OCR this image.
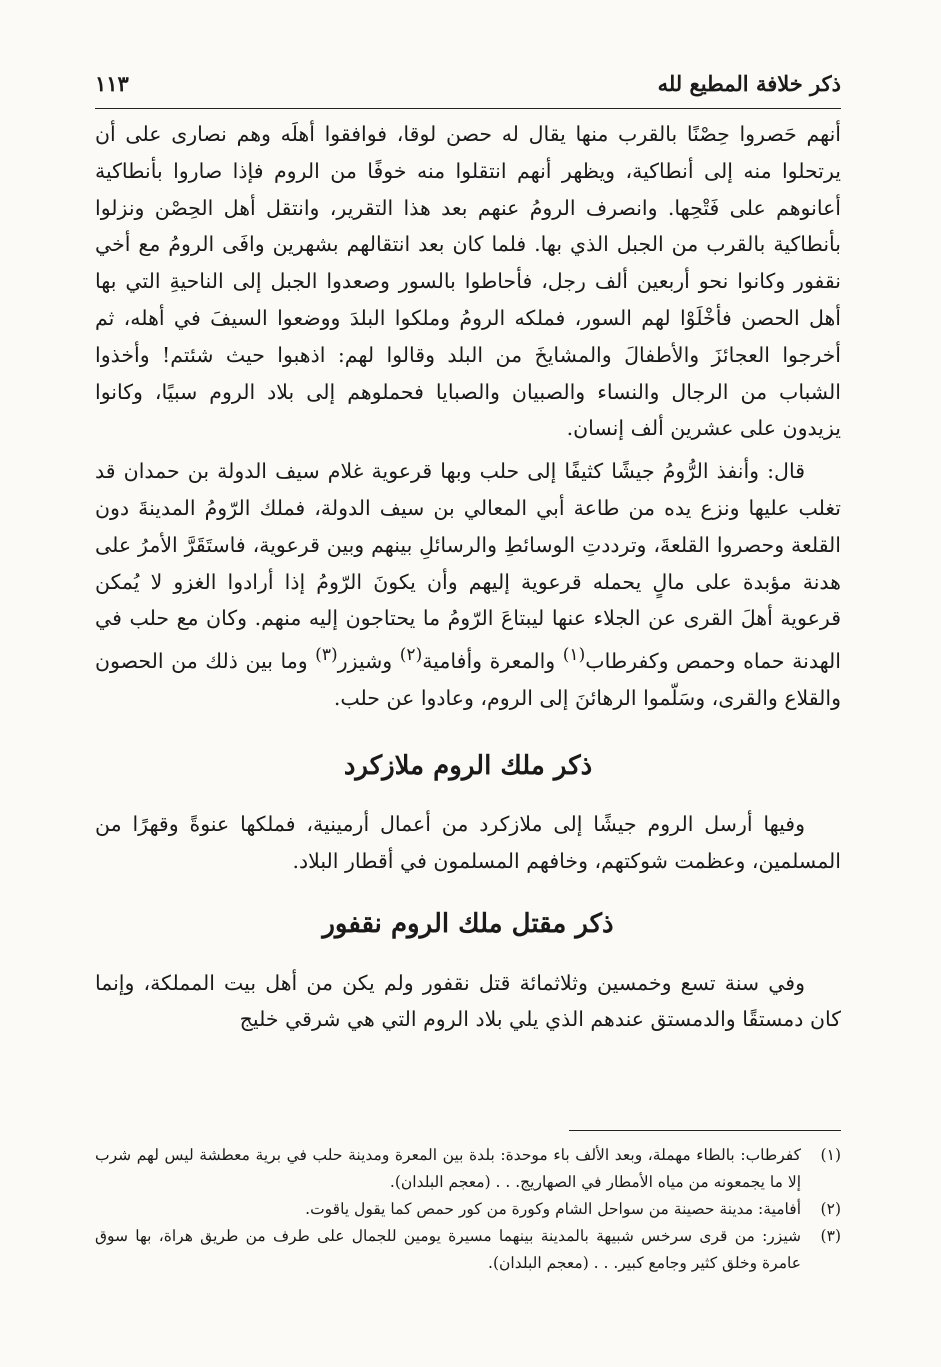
ذكر خلافة المطيع لله
١١٣

أنهم حَصروا حِصْنًا بالقرب منها يقال له حصن لوقا، فوافقوا أهلَه وهم نصارى على أن يرتحلوا منه إلى أنطاكية، ويظهر أنهم انتقلوا منه خوفًا من الروم فإذا صاروا بأنطاكية أعانوهم على فَتْحِها. وانصرف الرومُ عنهم بعد هذا التقرير، وانتقل أهل الحِصْن ونزلوا بأنطاكية بالقرب من الجبل الذي بها. فلما كان بعد انتقالهم بشهرين وافَى الرومُ مع أخي نقفور وكانوا نحو أربعين ألف رجل، فأحاطوا بالسور وصعدوا الجبل إلى الناحيةِ التي بها أهل الحصن فأخْلَوْا لهم السور، فملكه الرومُ وملكوا البلدَ ووضعوا السيفَ في أهله، ثم أخرجوا العجائزَ والأطفالَ والمشايخَ من البلد وقالوا لهم: اذهبوا حيث شئتم! وأخذوا الشباب من الرجال والنساء والصبيان والصبايا فحملوهم إلى بلاد الروم سبيًا، وكانوا يزيدون على عشرين ألف إنسان.

قال: وأنفذ الرُّومُ جيشًا كثيفًا إلى حلب وبها قرعوية غلام سيف الدولة بن حمدان قد تغلب عليها ونزع يده من طاعة أبي المعالي بن سيف الدولة، فملك الرّومُ المدينةَ دون القلعة وحصروا القلعةَ، وترددتِ الوسائطِ والرسائلِ بينهم وبين قرعوية، فاستَقَرَّ الأمرُ على هدنة مؤبدة على مالٍ يحمله قرعوية إليهم وأن يكونَ الرّومُ إذا أرادوا الغزو لا يُمكن قرعوية أهلَ القرى عن الجلاء عنها ليبتاعَ الرّومُ ما يحتاجون إليه منهم. وكان مع حلب في الهدنة حماه وحمص وكفرطاب$^{(١)}$ والمعرة وأفامية$^{(٢)}$ وشيزر$^{(٣)}$ وما بين ذلك من الحصون والقلاع والقرى، وسَلّموا الرهائنَ إلى الروم، وعادوا عن حلب.

ذكر ملك الروم ملازكرد

وفيها أرسل الروم جيشًا إلى ملازكرد من أعمال أرمينية، فملكها عنوةً وقهرًا من المسلمين، وعظمت شوكتهم، وخافهم المسلمون في أقطار البلاد.

ذكر مقتل ملك الروم نقفور

وفي سنة تسع وخمسين وثلاثمائة قتل نقفور ولم يكن من أهل بيت المملكة، وإنما كان دمستقًا والدمستق عندهم الذي يلي بلاد الروم التي هي شرقي خليج

(١)
كفرطاب: بالطاء مهملة، وبعد الألف باء موحدة: بلدة بين المعرة ومدينة حلب في برية معطشة ليس لهم شرب إلا ما يجمعونه من مياه الأمطار في الصهاريج. . . (معجم البلدان).
(٢)
أفامية: مدينة حصينة من سواحل الشام وكورة من كور حمص كما يقول ياقوت.
(٣)
شيزر: من قرى سرخس شبيهة بالمدينة بينهما مسيرة يومين للجمال على طرف من طريق هراة، بها سوق عامرة وخلق كثير وجامع كبير. . . (معجم البلدان).
